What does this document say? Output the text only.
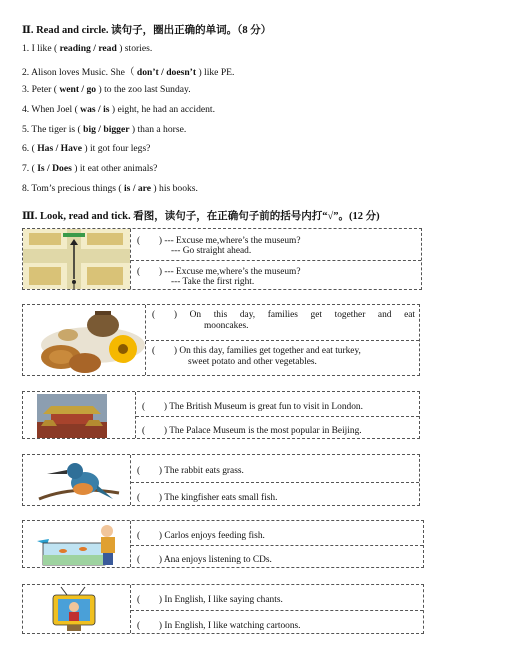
Ⅱ. Read and circle. 读句子，圈出正确的单词。（8 分）
1. I like ( reading / read ) stories.
2. Alison loves Music. She（ don’t / doesn’t ) like PE.
3. Peter ( went / go ) to the zoo last Sunday.
4. When Joel ( was / is ) eight, he had an accident.
5. The tiger is ( big / bigger ) than a horse.
6. ( Has / Have ) it got four legs?
7. ( Is / Does ) it eat other animals?
8. Tom’s precious things ( is / are ) his books.
Ⅲ. Look, read and tick. 看图，读句子，在正确句子前的括号内打“√”。(12 分)
(　　) --- Excuse me,where’s the museum?
--- Go straight ahead.
(　　) --- Excuse me,where’s the museum?
--- Take the first right.
(　　) On this day, families get together and eat
mooncakes.
(　　) On this day, families get together and eat turkey,
sweet potato and other vegetables.
(　　) The British Museum is great fun to visit in London.
(　　) The Palace Museum is the most popular in Beijing.
(　　) The rabbit eats grass.
(　　) The kingfisher eats small fish.
(　　) Carlos enjoys feeding fish.
(　　) Ana enjoys listening to CDs.
(　　) In English, I like saying chants.
(　　) In English, I like watching cartoons.
